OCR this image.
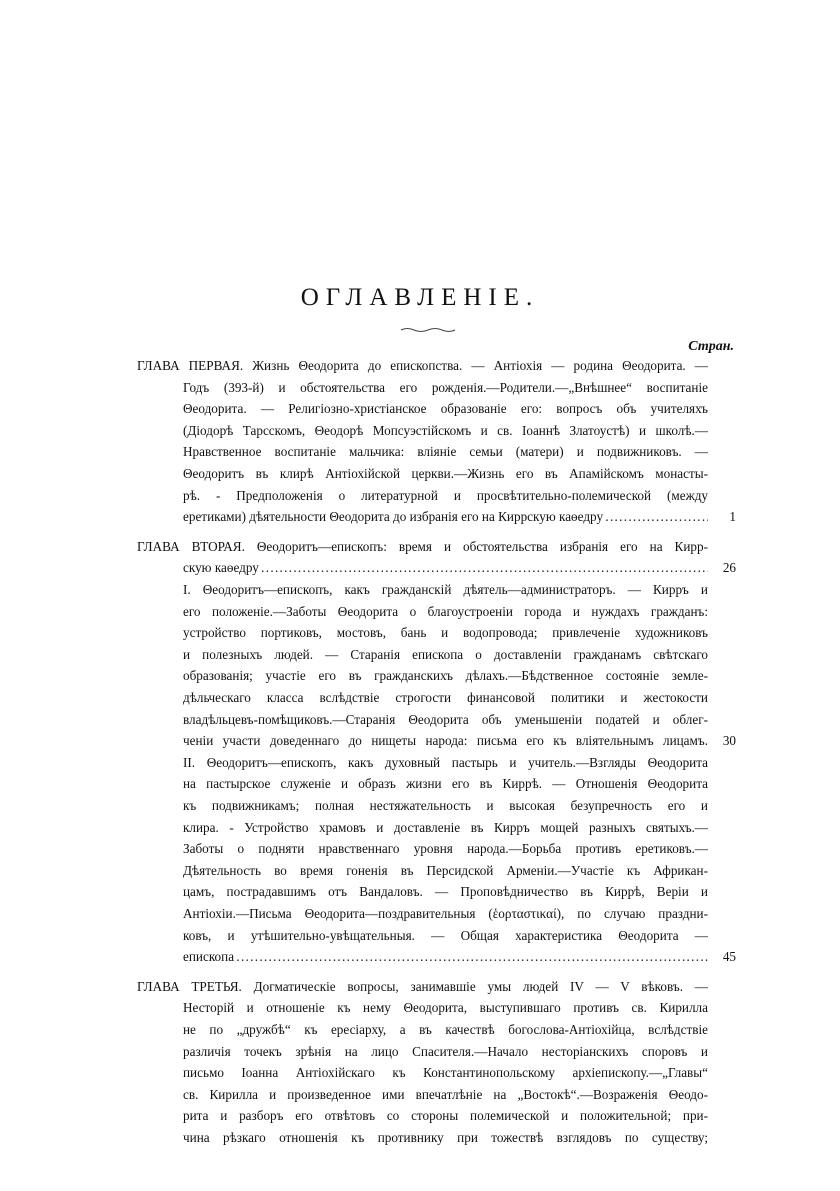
ОГЛАВЛЕНІЕ.
Стран.
ГЛАВА ПЕРВАЯ. Жизнь Θеодорита до епископства. — Антіохія — родина Θеодорита. —
Годъ (393-й) и обстоятельства его рожденія.—Родители.—„Внѣшнее“ воспитаніе
Θеодорита. — Религіозно-христіанское образованіе его: вопросъ объ учителяхъ
(Діодорѣ Тарсскомъ, Θеодорѣ Мопсуэстійскомъ и св. Іоаннѣ Златоустѣ) и школѣ.—
Нравственное воспитаніе мальчика: вліяніе семьи (матери) и подвижниковъ. —
Θеодоритъ въ клирѣ Антіохійской церкви.—Жизнь его въ Апамійскомъ монасты-
рѣ. - Предположенія о литературной и просвѣтительно-полемической (между
еретиками) дѣятельности Θеодорита до избранія его на Киррскую каѳедру . . .	1
ГЛАВА ВТОРАЯ. Θеодоритъ—епископъ: время и обстоятельства избранія его на Кирр-
скую каѳедру . . .	26
I. Θеодоритъ—епископъ, какъ гражданскій дѣятель—администраторъ. — Кирръ и
его положеніе.—Заботы Θеодорита о благоустроеніи города и нуждахъ гражданъ:
устройство портиковъ, мостовъ, бань и водопровода; привлеченіе художниковъ
и полезныхъ людей. — Старанія епископа о доставленіи гражданамъ свѣтскаго
образованія; участіе его въ гражданскихъ дѣлахъ.—Бѣдственное состояніе земле-
дѣльческаго класса вслѣдствіе строгости финансовой политики и жестокости
владѣльцевъ-помѣщиковъ.—Старанія Θеодорита объ уменьшеніи податей и облег-
ченіи участи доведеннаго до нищеты народа: письма его къ вліятельнымъ лицамъ.	30
II. Θеодоритъ—епископъ, какъ духовный пастырь и учитель.—Взгляды Θеодорита
на пастырское служеніе и образъ жизни его въ Киррѣ. — Отношенія Θеодорита
къ подвижникамъ; полная нестяжательность и высокая безупречность его и
клира. - Устройство храмовъ и доставленіе въ Кирръ мощей разныхъ святыхъ.—
Заботы о подняти нравственнаго уровня народа.—Борьба противъ еретиковъ.—
Дѣятельность во время гоненія въ Персидской Арменіи.—Участіе къ Африкан-
цамъ, пострадавшимъ отъ Вандаловъ. — Проповѣдничество въ Киррѣ, Веріи и
Антіохіи.—Письма Θеодорита—поздравительныя (ἑορταστικαί), по случаю праздни-
ковъ, и утѣшительно-увѣщательныя. — Общая характеристика Θеодорита —
епископа . . .	45
ГЛАВА ТРЕТЬЯ. Догматическіе вопросы, занимавшіе умы людей IV — V вѣковъ. —
Несторій и отношеніе къ нему Θеодорита, выступившаго противъ св. Кирилла
не по „дружбѣ“ къ ересіарху, а въ качествѣ богослова-Антіохійца, вслѣдствіе
различія точекъ зрѣнія на лицо Спасителя.—Начало несторіанскихъ споровъ и
письмо Іоанна Антіохійскаго къ Константинопольскому архіепископу.—„Главы“
св. Кирилла и произведенное ими впечатлѣніе на „Востокѣ“.—Возраженія Θеодо-
рита и разборъ его отвѣтовъ со стороны полемической и положительной; при-
чина рѣзкаго отношенія къ противнику при тожествѣ взглядовъ по существу;
